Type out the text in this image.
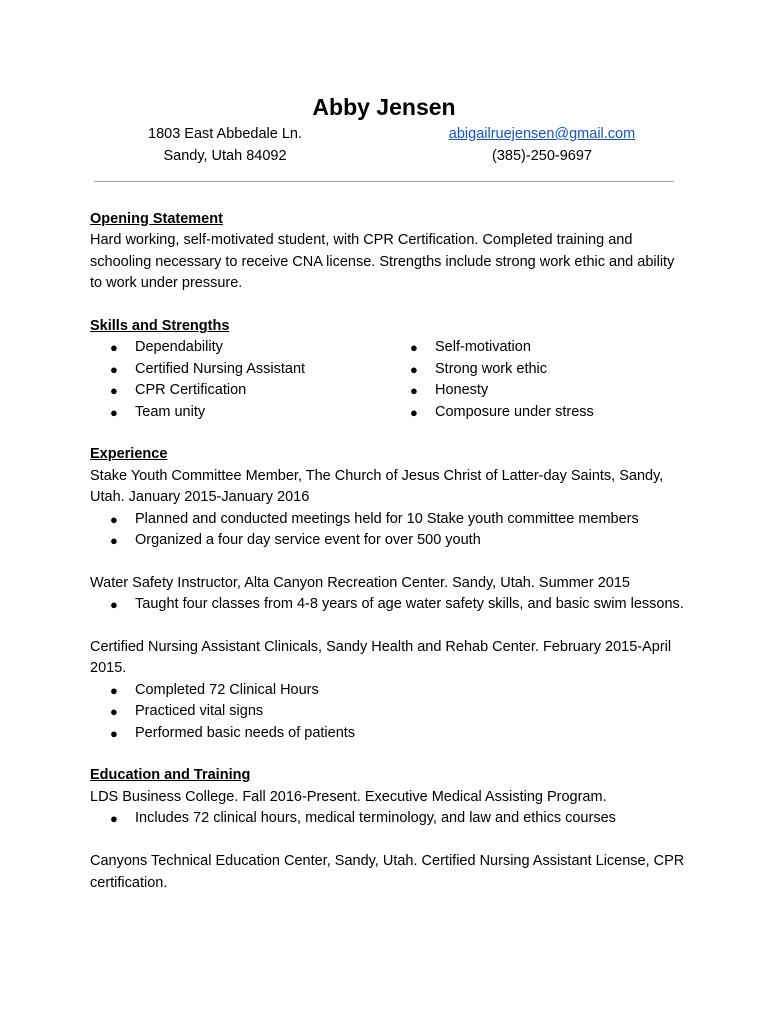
Abby Jensen
1803 East Abbedale Ln.
Sandy, Utah 84092
abigailruejensen@gmail.com
(385)-250-9697

Opening Statement

Hard working, self-motivated student, with CPR Certification. Completed training and schooling necessary to receive CNA license. Strengths include strong work ethic and ability to work under pressure.

Skills and Strengths

● Dependability
● Certified Nursing Assistant
● CPR Certification
● Team unity
● Self-motivation
● Strong work ethic
● Honesty
● Composure under stress

Experience

Stake Youth Committee Member, The Church of Jesus Christ of Latter-day Saints, Sandy, Utah. January 2015-January 2016

● Planned and conducted meetings held for 10 Stake youth committee members
● Organized a four day service event for over 500 youth

Water Safety Instructor, Alta Canyon Recreation Center. Sandy, Utah. Summer 2015

● Taught four classes from 4-8 years of age water safety skills, and basic swim lessons.

Certified Nursing Assistant Clinicals, Sandy Health and Rehab Center. February 2015-April 2015.

● Completed 72 Clinical Hours
● Practiced vital signs
● Performed basic needs of patients

Education and Training

LDS Business College. Fall 2016-Present. Executive Medical Assisting Program.

● Includes 72 clinical hours, medical terminology, and law and ethics courses

Canyons Technical Education Center, Sandy, Utah. Certified Nursing Assistant License, CPR certification.
